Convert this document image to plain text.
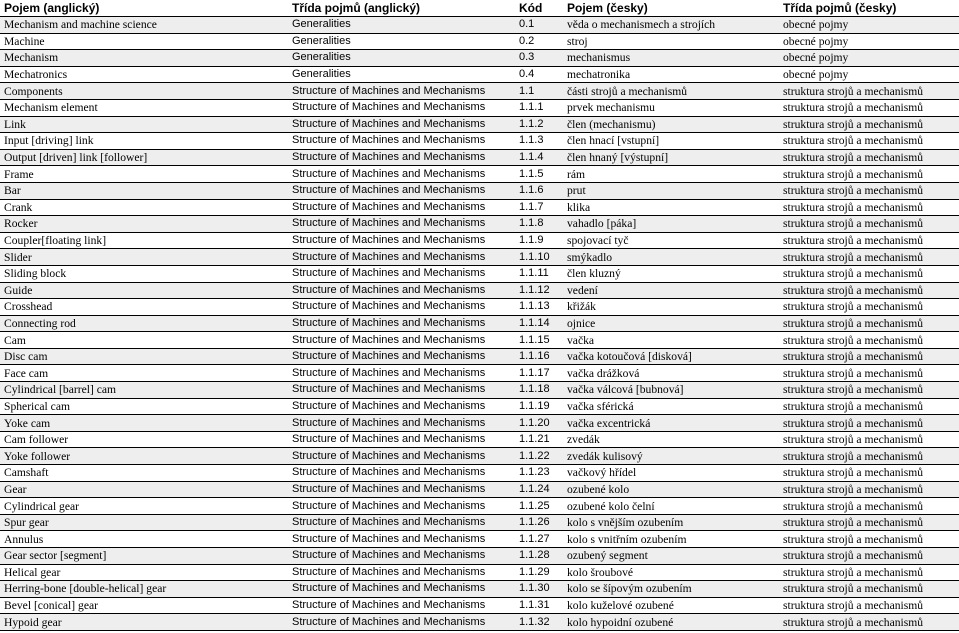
Pojem (anglický)	Třída pojmů (anglický)	Kód	Pojem (česky)	Třída pojmů (česky)
Mechanism and machine science	Generalities	0.1	věda o mechanismech a strojích	obecné pojmy
Machine	Generalities	0.2	stroj	obecné pojmy
Mechanism	Generalities	0.3	mechanismus	obecné pojmy
Mechatronics	Generalities	0.4	mechatronika	obecné pojmy
Components	Structure of Machines and Mechanisms	1.1	části strojů a mechanismů	struktura strojů a mechanismů
Mechanism element	Structure of Machines and Mechanisms	1.1.1	prvek mechanismu	struktura strojů a mechanismů
Link	Structure of Machines and Mechanisms	1.1.2	člen (mechanismu)	struktura strojů a mechanismů
Input [driving] link	Structure of Machines and Mechanisms	1.1.3	člen hnací [vstupní]	struktura strojů a mechanismů
Output [driven] link [follower]	Structure of Machines and Mechanisms	1.1.4	člen hnaný [výstupní]	struktura strojů a mechanismů
Frame	Structure of Machines and Mechanisms	1.1.5	rám	struktura strojů a mechanismů
Bar	Structure of Machines and Mechanisms	1.1.6	prut	struktura strojů a mechanismů
Crank	Structure of Machines and Mechanisms	1.1.7	klika	struktura strojů a mechanismů
Rocker	Structure of Machines and Mechanisms	1.1.8	vahadlo [páka]	struktura strojů a mechanismů
Coupler[floating link]	Structure of Machines and Mechanisms	1.1.9	spojovací tyč	struktura strojů a mechanismů
Slider	Structure of Machines and Mechanisms	1.1.10	smýkadlo	struktura strojů a mechanismů
Sliding block	Structure of Machines and Mechanisms	1.1.11	člen kluzný	struktura strojů a mechanismů
Guide	Structure of Machines and Mechanisms	1.1.12	vedení	struktura strojů a mechanismů
Crosshead	Structure of Machines and Mechanisms	1.1.13	křižák	struktura strojů a mechanismů
Connecting rod	Structure of Machines and Mechanisms	1.1.14	ojnice	struktura strojů a mechanismů
Cam	Structure of Machines and Mechanisms	1.1.15	vačka	struktura strojů a mechanismů
Disc cam	Structure of Machines and Mechanisms	1.1.16	vačka kotoučová [disková]	struktura strojů a mechanismů
Face cam	Structure of Machines and Mechanisms	1.1.17	vačka drážková	struktura strojů a mechanismů
Cylindrical [barrel] cam	Structure of Machines and Mechanisms	1.1.18	vačka válcová [bubnová]	struktura strojů a mechanismů
Spherical cam	Structure of Machines and Mechanisms	1.1.19	vačka sférická	struktura strojů a mechanismů
Yoke cam	Structure of Machines and Mechanisms	1.1.20	vačka excentrická	struktura strojů a mechanismů
Cam follower	Structure of Machines and Mechanisms	1.1.21	zvedák	struktura strojů a mechanismů
Yoke follower	Structure of Machines and Mechanisms	1.1.22	zvedák kulisový	struktura strojů a mechanismů
Camshaft	Structure of Machines and Mechanisms	1.1.23	vačkový hřídel	struktura strojů a mechanismů
Gear	Structure of Machines and Mechanisms	1.1.24	ozubené kolo	struktura strojů a mechanismů
Cylindrical gear	Structure of Machines and Mechanisms	1.1.25	ozubené kolo čelní	struktura strojů a mechanismů
Spur gear	Structure of Machines and Mechanisms	1.1.26	kolo s vnějším ozubením	struktura strojů a mechanismů
Annulus	Structure of Machines and Mechanisms	1.1.27	kolo s vnitřním ozubením	struktura strojů a mechanismů
Gear sector [segment]	Structure of Machines and Mechanisms	1.1.28	ozubený segment	struktura strojů a mechanismů
Helical gear	Structure of Machines and Mechanisms	1.1.29	kolo šroubové	struktura strojů a mechanismů
Herring-bone [double-helical] gear	Structure of Machines and Mechanisms	1.1.30	kolo se šípovým ozubením	struktura strojů a mechanismů
Bevel [conical] gear	Structure of Machines and Mechanisms	1.1.31	kolo kuželové ozubené	struktura strojů a mechanismů
Hypoid gear	Structure of Machines and Mechanisms	1.1.32	kolo hypoidní ozubené	struktura strojů a mechanismů
